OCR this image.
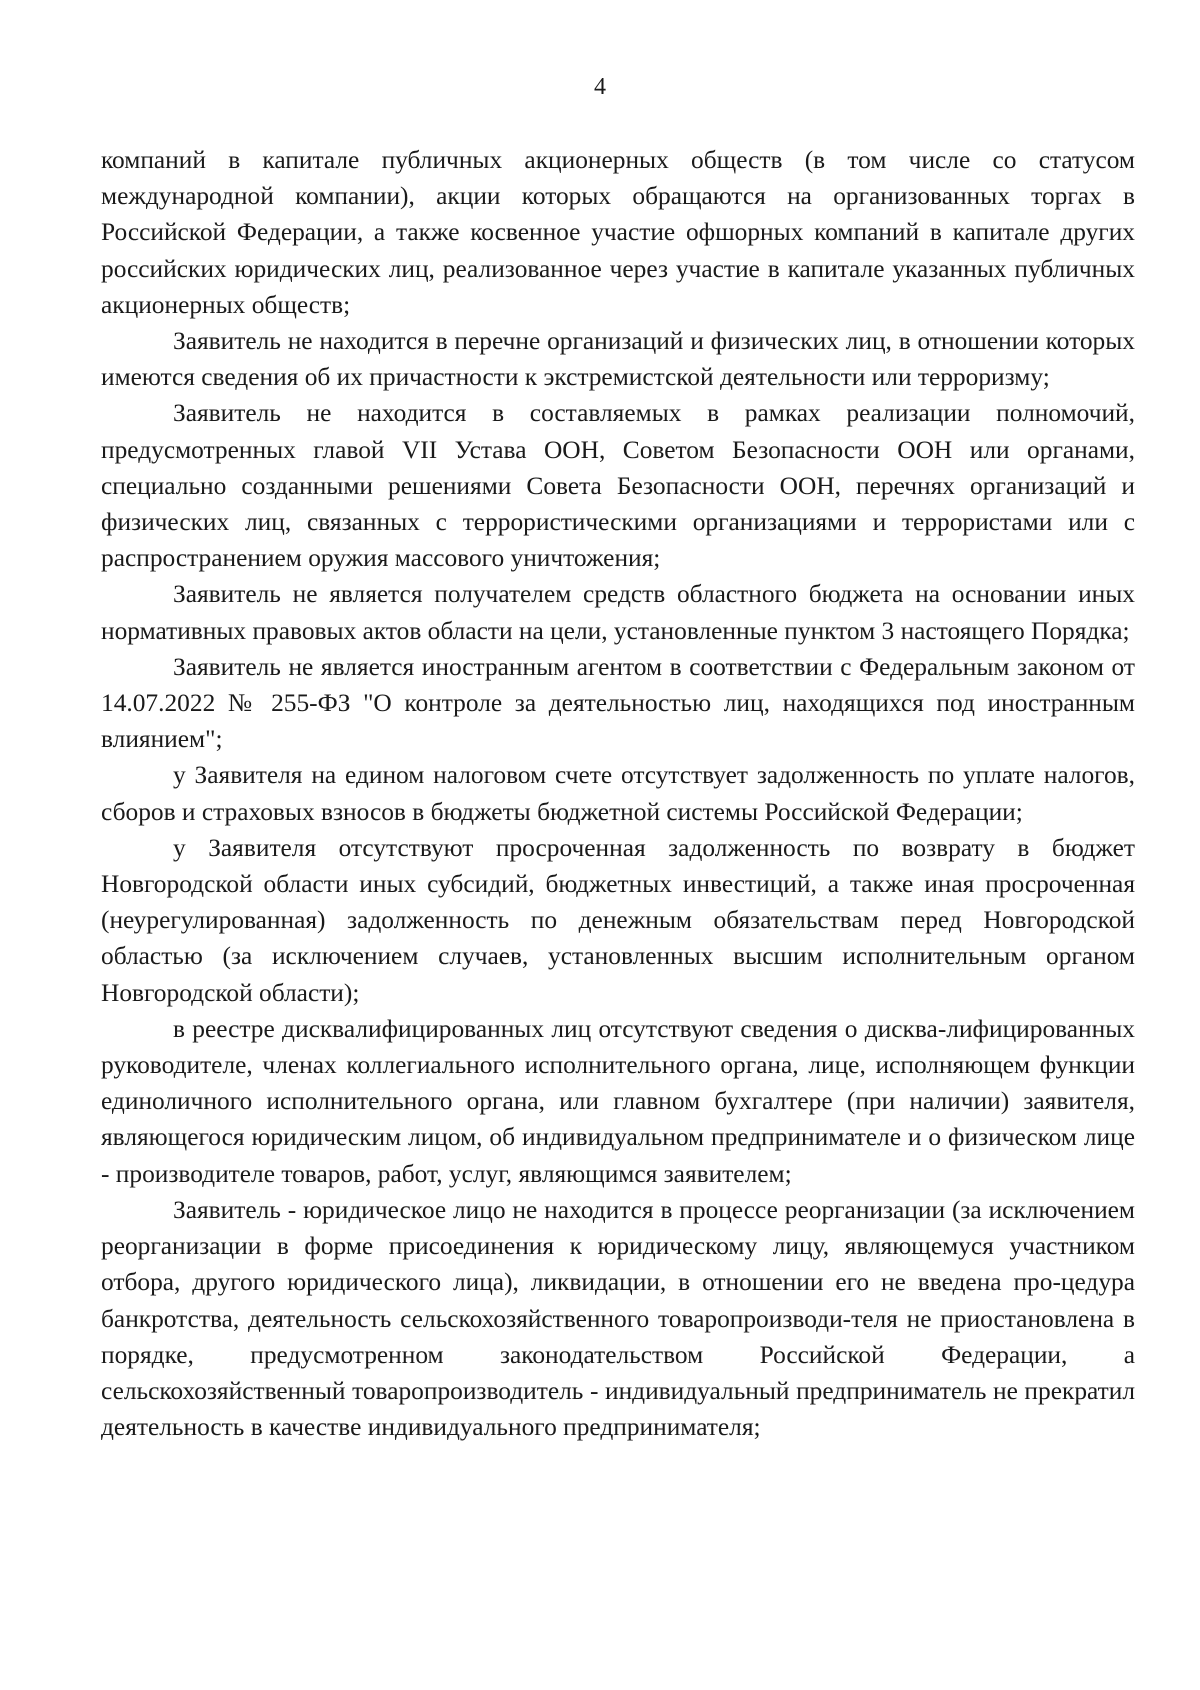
4

компаний в капитале публичных акционерных обществ (в том числе со статусом международной компании), акции которых обращаются на организованных торгах в Российской Федерации, а также косвенное участие офшорных компаний в капитале других российских юридических лиц, реализованное через участие в капитале указанных публичных акционерных обществ;

Заявитель не находится в перечне организаций и физических лиц, в отношении которых имеются сведения об их причастности к экстремистской деятельности или терроризму;

Заявитель не находится в составляемых в рамках реализации полномочий, предусмотренных главой VII Устава ООН, Советом Безопасности ООН или органами, специально созданными решениями Совета Безопасности ООН, перечнях организаций и физических лиц, связанных с террористическими организациями и террористами или с распространением оружия массового уничтожения;

Заявитель не является получателем средств областного бюджета на основании иных нормативных правовых актов области на цели, установленные пунктом 3 настоящего Порядка;

Заявитель не является иностранным агентом в соответствии с Федеральным законом от 14.07.2022 № 255-ФЗ "О контроле за деятельностью лиц, находящихся под иностранным влиянием";

у Заявителя на едином налоговом счете отсутствует задолженность по уплате налогов, сборов и страховых взносов в бюджеты бюджетной системы Российской Федерации;

у Заявителя отсутствуют просроченная задолженность по возврату в бюджет Новгородской области иных субсидий, бюджетных инвестиций, а также иная просроченная (неурегулированная) задолженность по денежным обязательствам перед Новгородской областью (за исключением случаев, установленных высшим исполнительным органом Новгородской области);

в реестре дисквалифицированных лиц отсутствуют сведения о дисква-лифицированных руководителе, членах коллегиального исполнительного органа, лице, исполняющем функции единоличного исполнительного органа, или главном бухгалтере (при наличии) заявителя, являющегося юридическим лицом, об индивидуальном предпринимателе и о физическом лице - производителе товаров, работ, услуг, являющимся заявителем;

Заявитель - юридическое лицо не находится в процессе реорганизации (за исключением реорганизации в форме присоединения к юридическому лицу, являющемуся участником отбора, другого юридического лица), ликвидации, в отношении его не введена про-цедура банкротства, деятельность сельскохозяйственного товаропроизводи-теля не приостановлена в порядке, предусмотренном законодательством Российской Федерации, а сельскохозяйственный товаропроизводитель - индивидуальный предприниматель не прекратил деятельность в качестве индивидуального предпринимателя;
